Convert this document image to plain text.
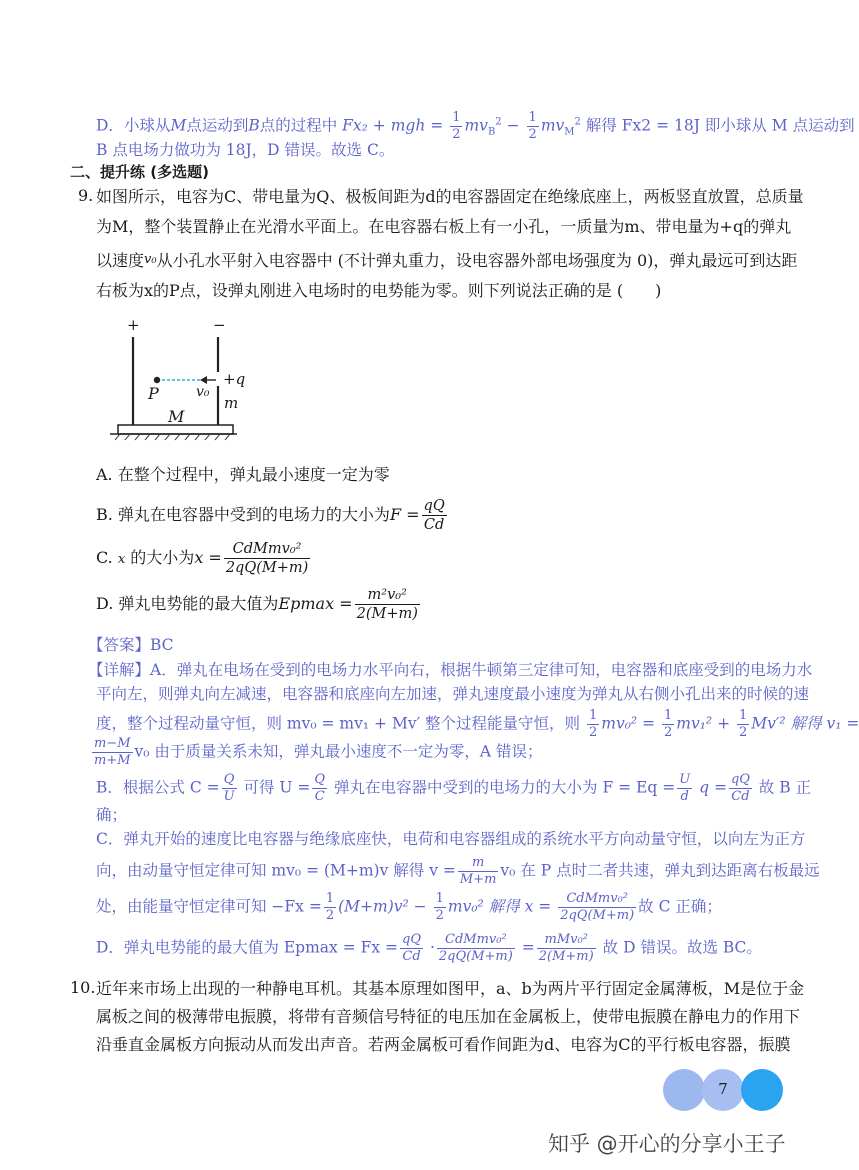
D．小球从M点运动到B点的过程中 Fx₂ + mgh = $\frac{1}{2} mv_B^2 - \frac{1}{2} mv_M^2$ 解得 Fx2 = 18J 即小球从 M 点运动到
B 点电场力做功为 18J，D 错误。故选 C。
二、提升练 (多选题)
9. 如图所示，电容为C、带电量为Q、极板间距为d的电容器固定在绝缘底座上，两板竖直放置，总质量
为M，整个装置静止在光滑水平面上。在电容器右板上有一小孔，一质量为m、带电量为+q的弹丸
以速度v₀从小孔水平射入电容器中 (不计弹丸重力，设电容器外部电场强度为 0)，弹丸最远可到达距
右板为x的P点，设弹丸刚进入电场时的电势能为零。则下列说法正确的是 (　　)
+	−
P	v₀
+q
m
M
A. 在整个过程中，弹丸最小速度一定为零
B. 弹丸在电容器中受到的电场力的大小为$F = \frac{qQ}{Cd}$
C. x 的大小为$x = \frac{\text{CdMmv₀²}}{2qQ(M+m)}$
D. 弹丸电势能的最大值为$Epmax = \frac{\text{m²v₀²}}{2(M+m)}$
【答案】BC
【详解】A．弹丸在电场在受到的电场力水平向右，根据牛顿第三定律可知，电容器和底座受到的电场力水
平向左，则弹丸向左减速，电容器和底座向左加速，弹丸速度最小速度为弹丸从右侧小孔出来的时候的速
度，整个过程动量守恒，则 mv₀ = mv₁ + Mv′ 整个过程能量守恒，则 $\frac{1}{2} mv_0^2 = \frac{1}{2} mv_1^2 + \frac{1}{2} Mv'^2$ 解得 v₁ =
$\frac{m-M}{m+M} v_0$ 由于质量关系未知，弹丸最小速度不一定为零，A 错误；
B．根据公式 $C = \frac{Q}{U}$ 可得 $U = \frac{Q}{C}$ 弹丸在电容器中受到的电场力的大小为 $F = Eq = \frac{U}{d}$ $q = \frac{qQ}{Cd}$ 故 B 正
确；
C．弹丸开始的速度比电容器与绝缘底座快，电荷和电容器组成的系统水平方向动量守恒，以向左为正方
向，由动量守恒定律可知 mv₀ = (M+m)v 解得 $v = \frac{m}{M+m} v_0$ 在 P 点时二者共速，弹丸到达距离右板最远
处，由能量守恒定律可知 $-Fx = \frac{1}{2} (M+m)v^2 - \frac{1}{2} mv_0^2$ 解得 $x = \frac{\text{CdMmv₀²}}{2qQ(M+m)}$ 故 C 正确；
D．弹丸电势能的最大值为 $Epmax = Fx = \frac{qQ}{Cd} \cdot \frac{\text{CdMmv₀²}}{2qQ(M+m)} = \frac{\text{mMv₀²}}{2(M+m)}$ 故 D 错误。故选 BC。
10. 近年来市场上出现的一种静电耳机。其基本原理如图甲，a、b为两片平行固定金属薄板，M是位于金
属板之间的极薄带电振膜，将带有音频信号特征的电压加在金属板上，使带电振膜在静电力的作用下
沿垂直金属板方向振动从而发出声音。若两金属板可看作间距为d、电容为C的平行板电容器，振膜
7
知乎 @开心的分享小王子
